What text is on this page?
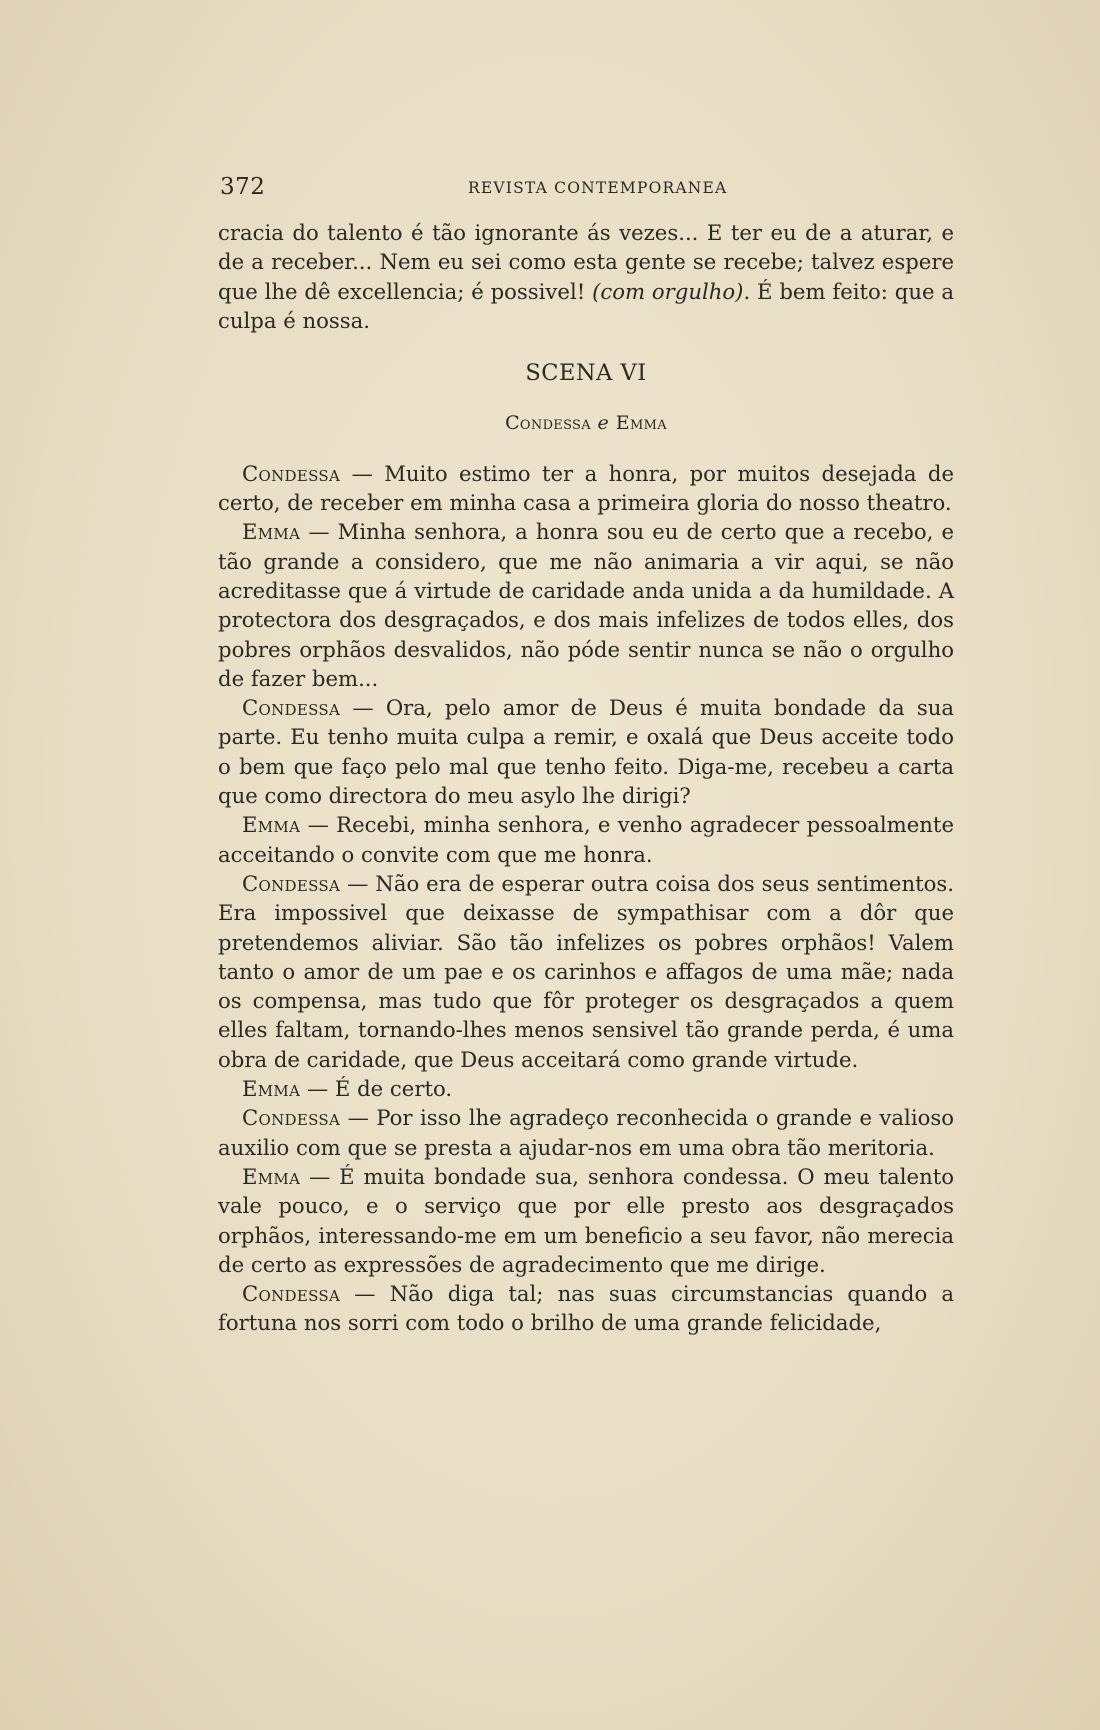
372	REVISTA CONTEMPORANEA

cracia do talento é tão ignorante ás vezes... E ter eu de a aturar, e de a receber... Nem eu sei como esta gente se recebe; talvez espere que lhe dê excellencia; é possivel! (com orgulho). É bem feito: que a culpa é nossa.

SCENA VI
Condessa e Emma

Condessa — Muito estimo ter a honra, por muitos desejada de certo, de receber em minha casa a primeira gloria do nosso theatro.

Emma — Minha senhora, a honra sou eu de certo que a recebo, e tão grande a considero, que me não animaria a vir aqui, se não acreditasse que á virtude de caridade anda unida a da humildade. A protectora dos desgraçados, e dos mais infelizes de todos elles, dos pobres orphãos desvalidos, não póde sentir nunca se não o orgulho de fazer bem...

Condessa — Ora, pelo amor de Deus é muita bondade da sua parte. Eu tenho muita culpa a remir, e oxalá que Deus acceite todo o bem que faço pelo mal que tenho feito. Diga-me, recebeu a carta que como directora do meu asylo lhe dirigi?

Emma — Recebi, minha senhora, e venho agradecer pessoalmente acceitando o convite com que me honra.

Condessa — Não era de esperar outra coisa dos seus sentimentos. Era impossivel que deixasse de sympathisar com a dôr que pretendemos aliviar. São tão infelizes os pobres orphãos! Valem tanto o amor de um pae e os carinhos e affagos de uma mãe; nada os compensa, mas tudo que fôr proteger os desgraçados a quem elles faltam, tornando-lhes menos sensivel tão grande perda, é uma obra de caridade, que Deus acceitará como grande virtude.

Emma — É de certo.

Condessa — Por isso lhe agradeço reconhecida o grande e valioso auxilio com que se presta a ajudar-nos em uma obra tão meritoria.

Emma — É muita bondade sua, senhora condessa. O meu talento vale pouco, e o serviço que por elle presto aos desgraçados orphãos, interessando-me em um beneficio a seu favor, não merecia de certo as expressões de agradecimento que me dirige.

Condessa — Não diga tal; nas suas circumstancias quando a fortuna nos sorri com todo o brilho de uma grande felicidade,
